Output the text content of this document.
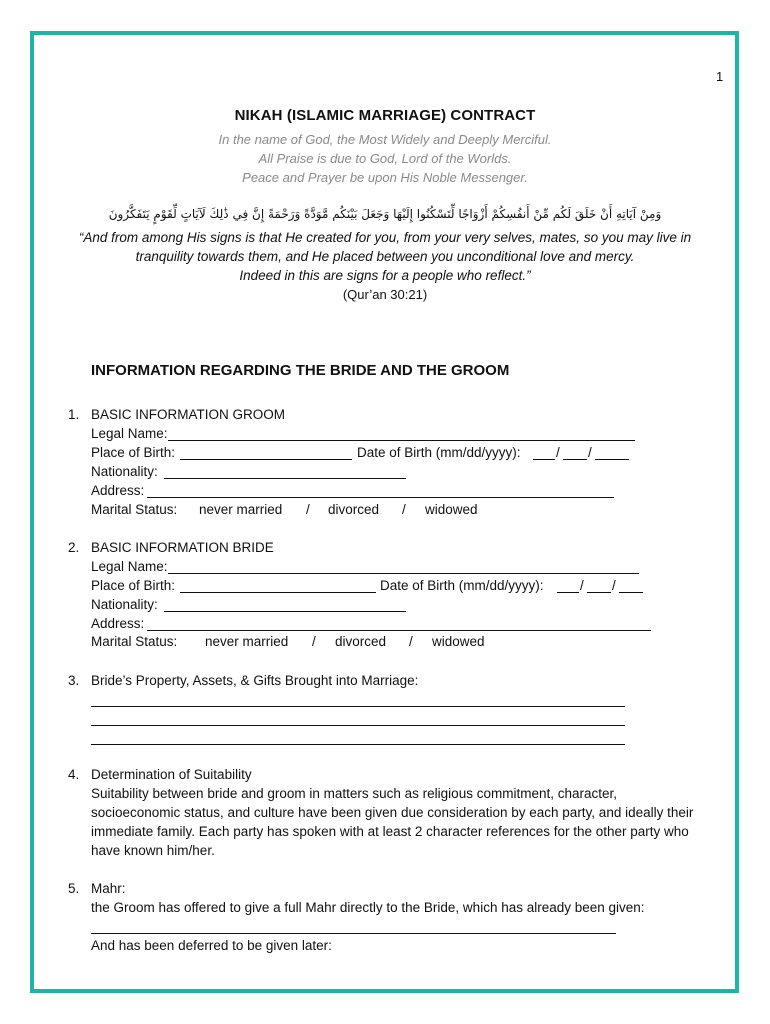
1
NIKAH (ISLAMIC MARRIAGE) CONTRACT
In the name of God, the Most Widely and Deeply Merciful.
All Praise is due to God, Lord of the Worlds.
Peace and Prayer be upon His Noble Messenger.
وَمِنْ آيَاتِهِ أَنْ خَلَقَ لَكُم مِّنْ أَنفُسِكُمْ أَزْوَاجًا لِّتَسْكُنُوا إِلَيْهَا وَجَعَلَ بَيْنَكُم مَّوَدَّةً وَرَحْمَةً إِنَّ فِي ذَٰلِكَ لَآيَاتٍ لِّقَوْمٍ يَتَفَكَّرُونَ
“And from among His signs is that He created for you, from your very selves, mates, so you may live in
tranquility towards them, and He placed between you unconditional love and mercy.
Indeed in this are signs for a people who reflect.”
(Qur’an 30:21)
INFORMATION REGARDING THE BRIDE AND THE GROOM
1. BASIC INFORMATION GROOM
Legal Name:
Place of Birth:	Date of Birth (mm/dd/yyyy):	/ /
Nationality:
Address:
Marital Status: never married / divorced / widowed
2. BASIC INFORMATION BRIDE
Legal Name:
Place of Birth:	Date of Birth (mm/dd/yyyy):	/ /
Nationality:
Address:
Marital Status: never married / divorced / widowed
3. Bride’s Property, Assets, & Gifts Brought into Marriage:
4. Determination of Suitability
Suitability between bride and groom in matters such as religious commitment, character,
socioeconomic status, and culture have been given due consideration by each party, and ideally their
immediate family. Each party has spoken with at least 2 character references for the other party who
have known him/her.
5. Mahr:
the Groom has offered to give a full Mahr directly to the Bride, which has already been given:
And has been deferred to be given later:
